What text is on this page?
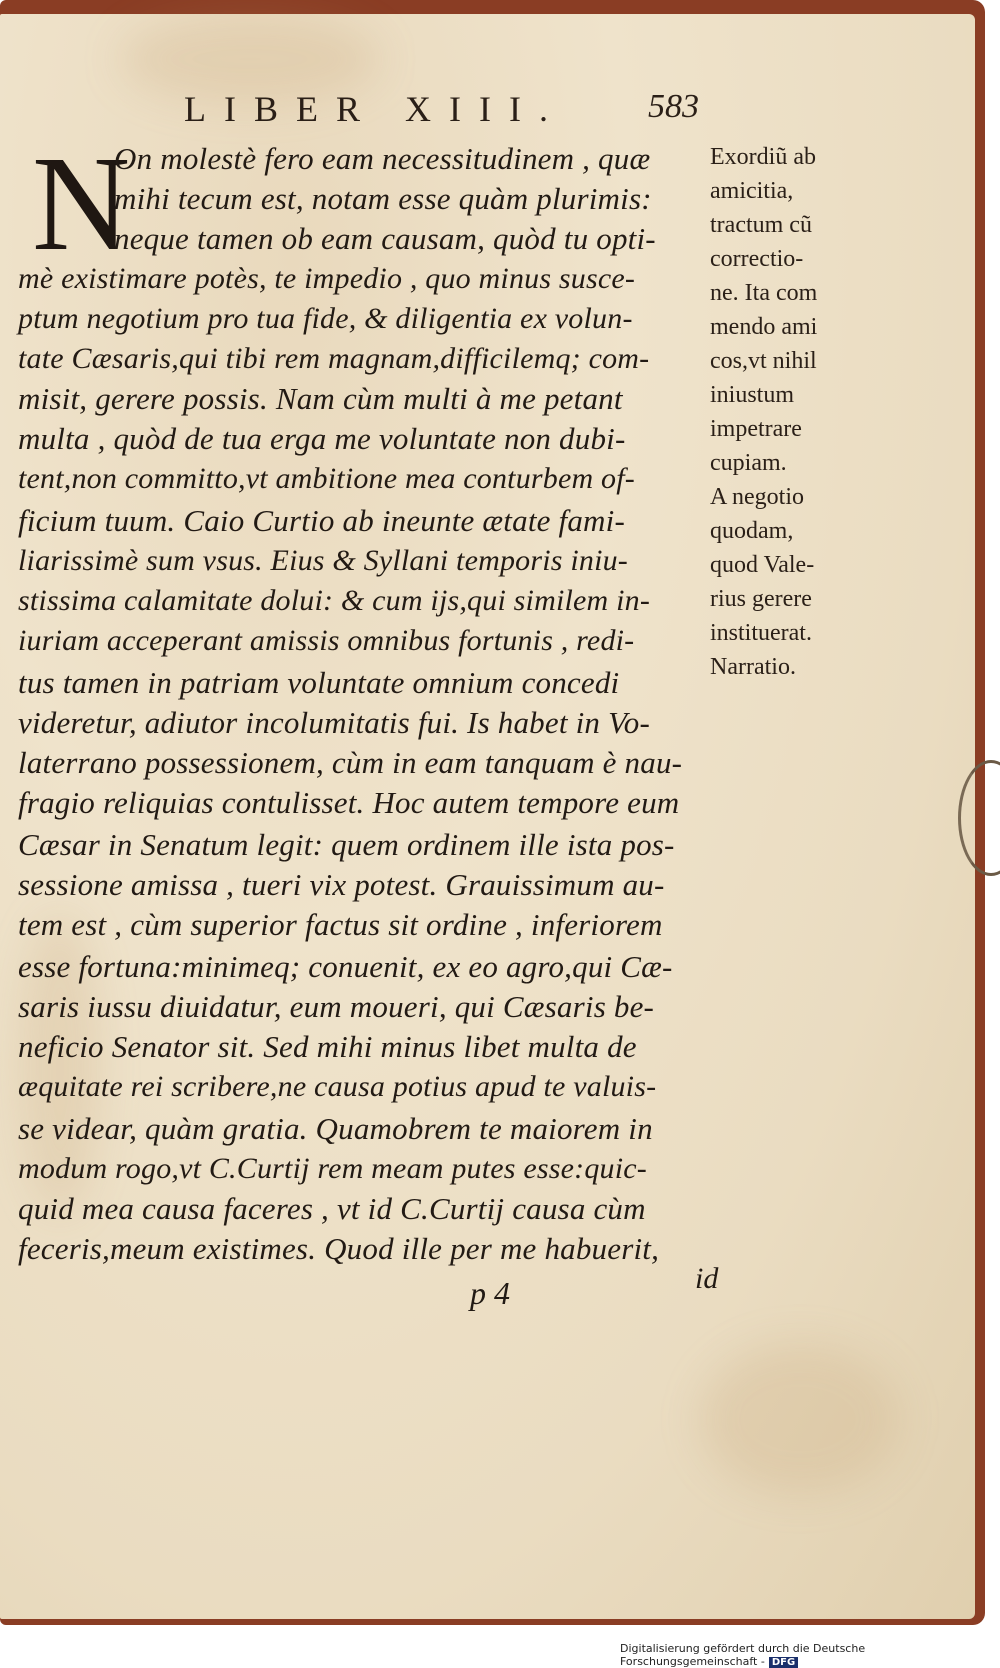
LIBER XIII. 583
N
On molestè fero eam necessitudinem , quæ
mihi tecum est, notam esse quàm plurimis:
neque tamen ob eam causam, quòd tu opti-
mè existimare potès, te impedio , quo minus susce-
ptum negotium pro tua fide, & diligentia ex volun-
tate Cæsaris,qui tibi rem magnam,difficilemq; com-
misit, gerere possis. Nam cùm multi à me petant
multa , quòd de tua erga me voluntate non dubi-
tent,non committo,vt ambitione mea conturbem of-
ficium tuum. Caio Curtio ab ineunte ætate fami-
liarissimè sum vsus. Eius & Syllani temporis iniu-
stissima calamitate dolui: & cum ijs,qui similem in-
iuriam acceperant amissis omnibus fortunis , redi-
tus tamen in patriam voluntate omnium concedi
videretur, adiutor incolumitatis fui. Is habet in Vo-
laterrano possessionem, cùm in eam tanquam è nau-
fragio reliquias contulisset. Hoc autem tempore eum
Cæsar in Senatum legit: quem ordinem ille ista pos-
sessione amissa , tueri vix potest. Grauissimum au-
tem est , cùm superior factus sit ordine , inferiorem
esse fortuna:minimeq; conuenit, ex eo agro,qui Cæ-
saris iussu diuidatur, eum moueri, qui Cæsaris be-
neficio Senator sit. Sed mihi minus libet multa de
æquitate rei scribere,ne causa potius apud te valuis-
se videar, quàm gratia. Quamobrem te maiorem in
modum rogo,vt C.Curtij rem meam putes esse:quic-
quid mea causa faceres , vt id C.Curtij causa cùm
feceris,meum existimes. Quod ille per me habuerit,
Exordiũ ab
amicitia,
tractum cũ
correctio-
ne. Ita com
mendo ami
cos,vt nihil
iniustum
impetrare
cupiam.
A negotio
quodam,
quod Vale-
rius gerere
instituerat.
Narratio.
p 4	id
Digitalisierung gefördert durch die Deutsche Forschungsgemeinschaft - DFG
